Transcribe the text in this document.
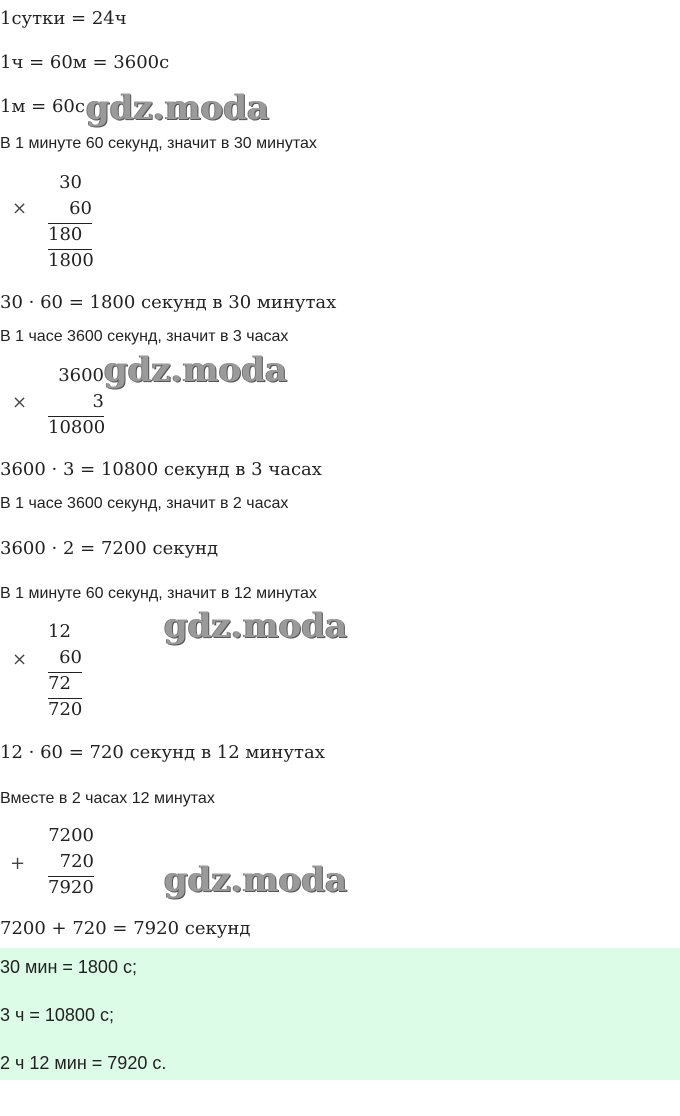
1сутки = 24ч
1ч = 60м = 3600с
1м = 60с gdz.moda
В 1 минуте 60 секунд, значит в 30 минутах
30
×	60
180
1800
30 · 60 = 1800 секунд в 30 минутах
В 1 часе 3600 секунд, значит в 3 часах
3600 gdz.moda
×	3
10800
3600 · 3 = 10800 секунд в 3 часах
В 1 часе 3600 секунд, значит в 2 часах
3600 · 2 = 7200 секунд
В 1 минуте 60 секунд, значит в 12 минутах
12	gdz.moda
×	60
72
720
12 · 60 = 720 секунд в 12 минутах
Вместе в 2 часах 12 минутах
7200
+	720
7920 gdz.moda
7200 + 720 = 7920 секунд
30 мин = 1800 с;
3 ч = 10800 с;
2 ч 12 мин = 7920 с.
